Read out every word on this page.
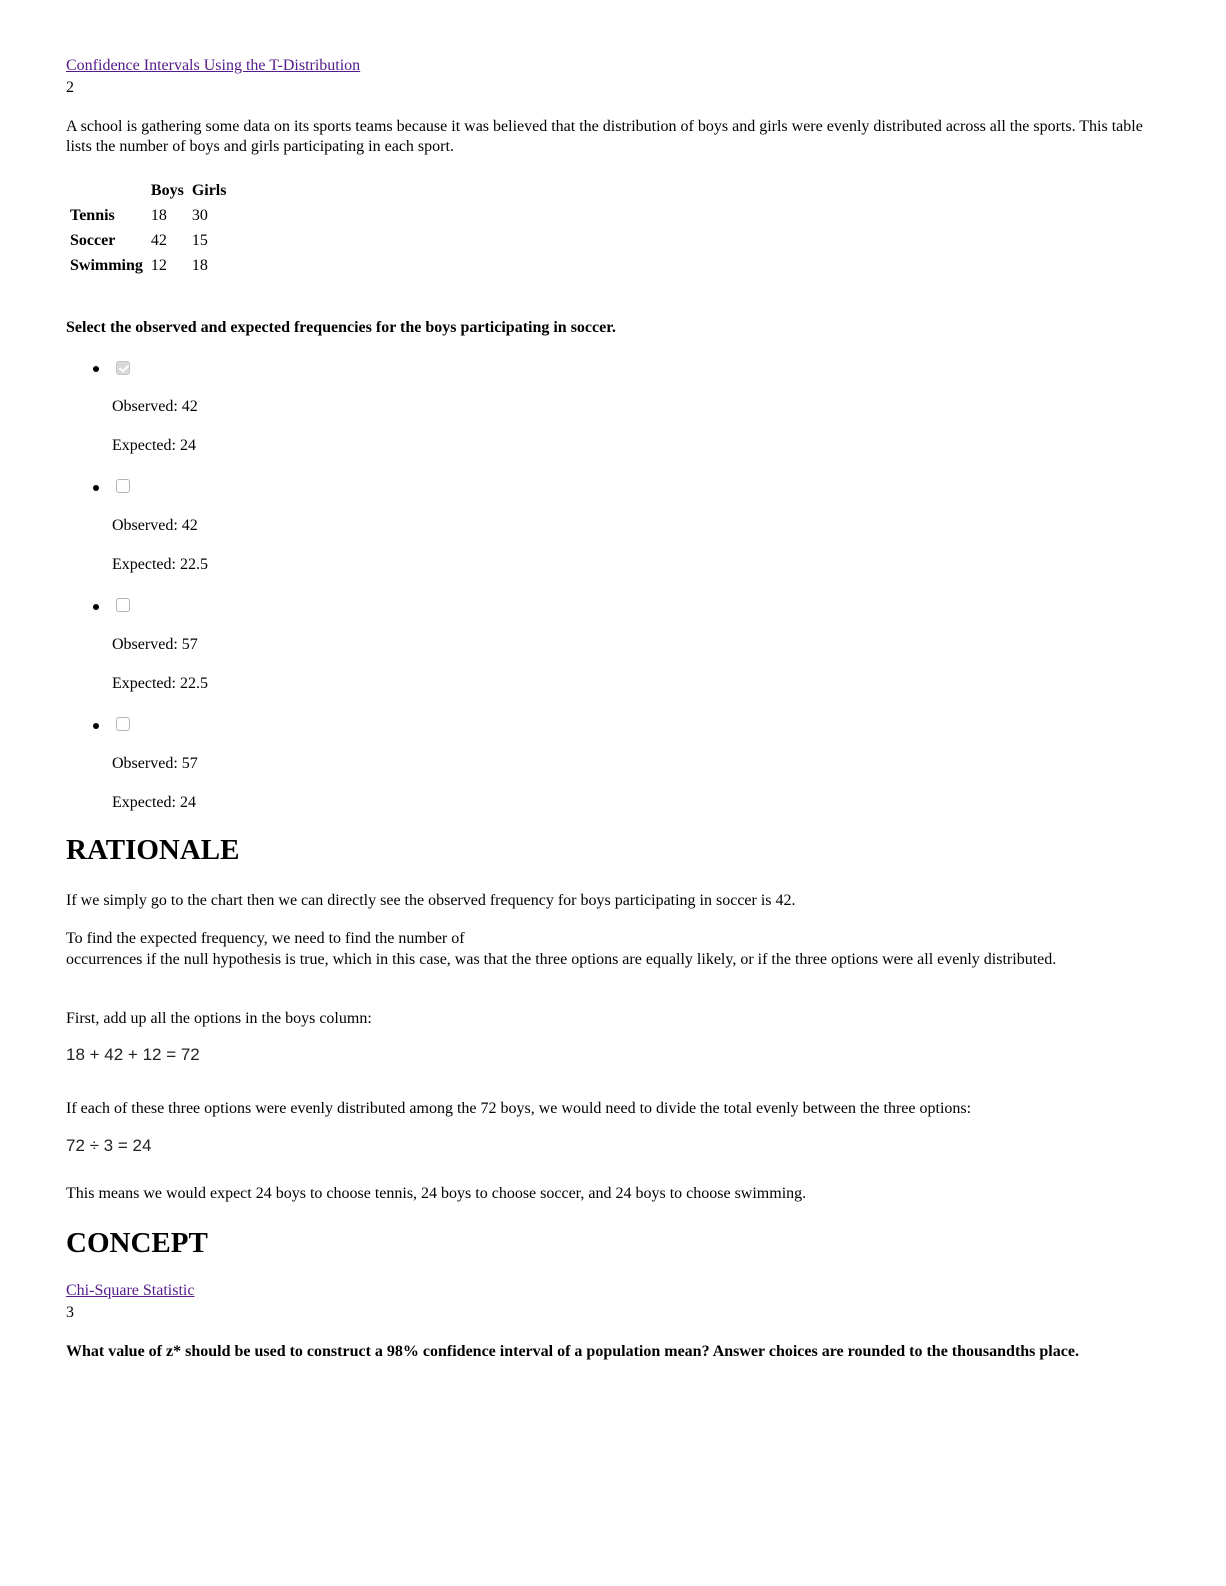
Confidence Intervals Using the T-Distribution
2
A school is gathering some data on its sports teams because it was believed that the distribution of boys and girls were evenly distributed across all the sports. This table lists the number of boys and girls participating in each sport.
	Boys	Girls
Tennis	18	30
Soccer	42	15
Swimming	12	18
Select the observed and expected frequencies for the boys participating in soccer.
Observed: 42
Expected: 24
Observed: 42
Expected: 22.5
Observed: 57
Expected: 22.5
Observed: 57
Expected: 24
RATIONALE
If we simply go to the chart then we can directly see the observed frequency for boys participating in soccer is 42.
To find the expected frequency, we need to find the number of
occurrences if the null hypothesis is true, which in this case, was that the three options are equally likely, or if the three options were all evenly distributed.
First, add up all the options in the boys column:
18 + 42 + 12 = 72
If each of these three options were evenly distributed among the 72 boys, we would need to divide the total evenly between the three options:
72 ÷ 3 = 24
This means we would expect 24 boys to choose tennis, 24 boys to choose soccer, and 24 boys to choose swimming.
CONCEPT
Chi-Square Statistic
3
What value of z* should be used to construct a 98% confidence interval of a population mean? Answer choices are rounded to the thousandths place.
